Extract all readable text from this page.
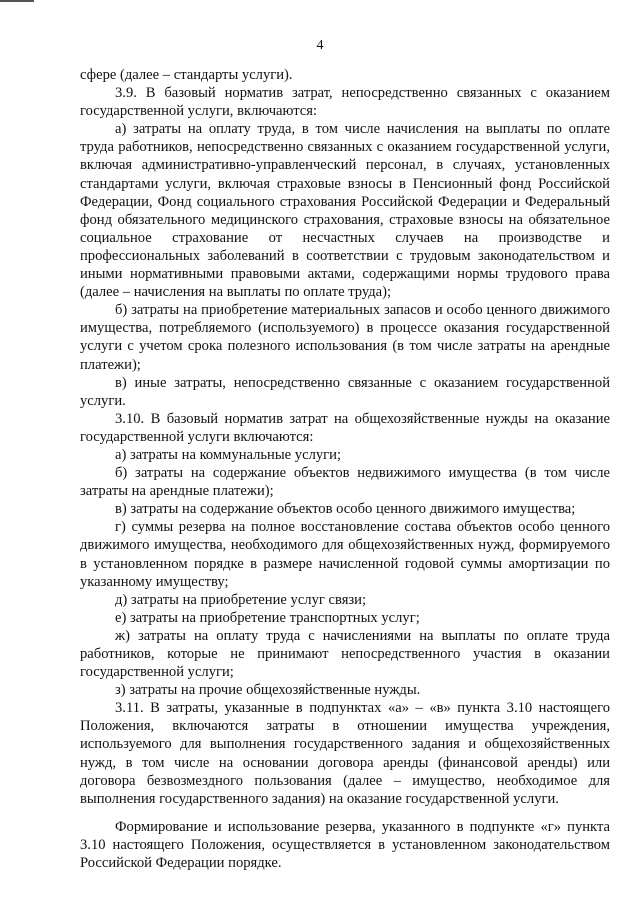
4

сфере (далее – стандарты услуги).

3.9. В базовый норматив затрат, непосредственно связанных с оказанием государственной услуги, включаются:

а) затраты на оплату труда, в том числе начисления на выплаты по оплате труда работников, непосредственно связанных с оказанием государственной услуги, включая административно-управленческий персонал, в случаях, установленных стандартами услуги, включая страховые взносы в Пенсионный фонд Российской Федерации, Фонд социального страхования Российской Федерации и Федеральный фонд обязательного медицинского страхования, страховые взносы на обязательное социальное страхование от несчастных случаев на производстве и профессиональных заболеваний в соответствии с трудовым законодательством и иными нормативными правовыми актами, содержащими нормы трудового права (далее – начисления на выплаты по оплате труда);

б) затраты на приобретение материальных запасов и особо ценного движимого имущества, потребляемого (используемого) в процессе оказания государственной услуги с учетом срока полезного использования (в том числе затраты на арендные платежи);

в) иные затраты, непосредственно связанные с оказанием государственной услуги.

3.10. В базовый норматив затрат на общехозяйственные нужды на оказание государственной услуги включаются:

а) затраты на коммунальные услуги;

б) затраты на содержание объектов недвижимого имущества (в том числе затраты на арендные платежи);

в) затраты на содержание объектов особо ценного движимого имущества;

г) суммы резерва на полное восстановление состава объектов особо ценного движимого имущества, необходимого для общехозяйственных нужд, формируемого в установленном порядке в размере начисленной годовой суммы амортизации по указанному имуществу;

д) затраты на приобретение услуг связи;

е) затраты на приобретение транспортных услуг;

ж) затраты на оплату труда с начислениями на выплаты по оплате труда работников, которые не принимают непосредственного участия в оказании государственной услуги;

з) затраты на прочие общехозяйственные нужды.

3.11. В затраты, указанные в подпунктах «а» – «в» пункта 3.10 настоящего Положения, включаются затраты в отношении имущества учреждения, используемого для выполнения государственного задания и общехозяйственных нужд, в том числе на основании договора аренды (финансовой аренды) или договора безвозмездного пользования (далее – имущество, необходимое для выполнения государственного задания) на оказание государственной услуги.

Формирование и использование резерва, указанного в подпункте «г» пункта 3.10 настоящего Положения, осуществляется в установленном законодательством Российской Федерации порядке.
